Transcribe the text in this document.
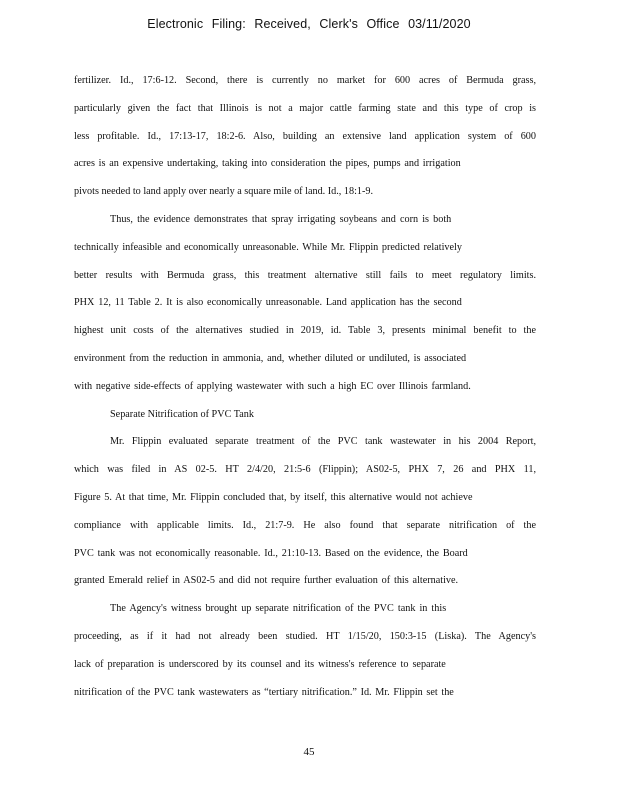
Electronic Filing: Received, Clerk's Office 03/11/2020
fertilizer. Id., 17:6-12. Second, there is currently no market for 600 acres of Bermuda grass,
particularly given the fact that Illinois is not a major cattle farming state and this type of crop is
less profitable. Id., 17:13-17, 18:2-6. Also, building an extensive land application system of 600
acres is an expensive undertaking, taking into consideration the pipes, pumps and irrigation
pivots needed to land apply over nearly a square mile of land. Id., 18:1-9.
Thus, the evidence demonstrates that spray irrigating soybeans and corn is both
technically infeasible and economically unreasonable. While Mr. Flippin predicted relatively
better results with Bermuda grass, this treatment alternative still fails to meet regulatory limits.
PHX 12, 11 Table 2. It is also economically unreasonable. Land application has the second
highest unit costs of the alternatives studied in 2019, id. Table 3, presents minimal benefit to the
environment from the reduction in ammonia, and, whether diluted or undiluted, is associated
with negative side-effects of applying wastewater with such a high EC over Illinois farmland.
Separate Nitrification of PVC Tank
Mr. Flippin evaluated separate treatment of the PVC tank wastewater in his 2004 Report,
which was filed in AS 02-5. HT 2/4/20, 21:5-6 (Flippin); AS02-5, PHX 7, 26 and PHX 11,
Figure 5. At that time, Mr. Flippin concluded that, by itself, this alternative would not achieve
compliance with applicable limits. Id., 21:7-9. He also found that separate nitrification of the
PVC tank was not economically reasonable. Id., 21:10-13. Based on the evidence, the Board
granted Emerald relief in AS02-5 and did not require further evaluation of this alternative.
The Agency's witness brought up separate nitrification of the PVC tank in this
proceeding, as if it had not already been studied. HT 1/15/20, 150:3-15 (Liska). The Agency's
lack of preparation is underscored by its counsel and its witness's reference to separate
nitrification of the PVC tank wastewaters as “tertiary nitrification.” Id. Mr. Flippin set the
45
